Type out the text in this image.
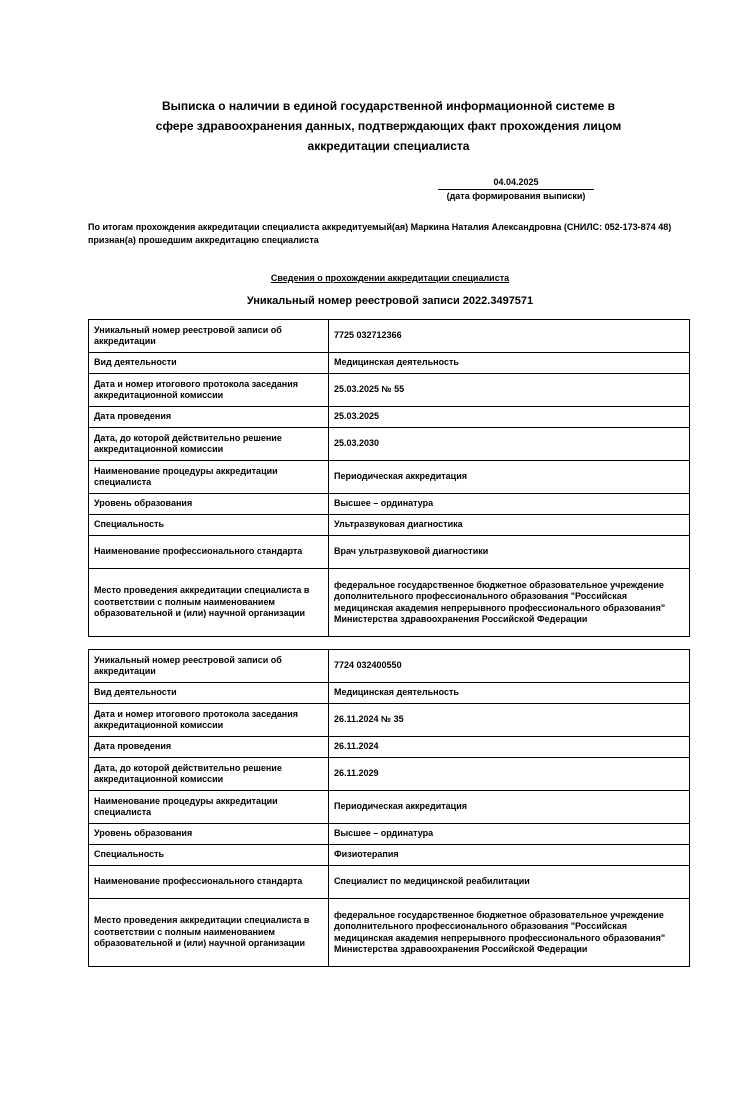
Выписка о наличии в единой государственной информационной системе в сфере здравоохранения данных, подтверждающих факт прохождения лицом аккредитации специалиста
04.04.2025
(дата формирования выписки)
По итогам прохождения аккредитации специалиста аккредитуемый(ая) Маркина Наталия Александровна (СНИЛС: 052-173-874 48) признан(а) прошедшим аккредитацию специалиста
Сведения о прохождении аккредитации специалиста
Уникальный номер реестровой записи 2022.3497571
Уникальный номер реестровой записи об аккредитации	7725 032712366
Вид деятельности	Медицинская деятельность
Дата и номер итогового протокола заседания аккредитационной комиссии	25.03.2025 № 55
Дата проведения	25.03.2025
Дата, до которой действительно решение аккредитационной комиссии	25.03.2030
Наименование процедуры аккредитации специалиста	Периодическая аккредитация
Уровень образования	Высшее – ординатура
Специальность	Ультразвуковая диагностика
Наименование профессионального стандарта	Врач ультразвуковой диагностики
Место проведения аккредитации специалиста в соответствии с полным наименованием образовательной и (или) научной организации	федеральное государственное бюджетное образовательное учреждение дополнительного профессионального образования "Российская медицинская академия непрерывного профессионального образования" Министерства здравоохранения Российской Федерации
Уникальный номер реестровой записи об аккредитации	7724 032400550
Вид деятельности	Медицинская деятельность
Дата и номер итогового протокола заседания аккредитационной комиссии	26.11.2024 № 35
Дата проведения	26.11.2024
Дата, до которой действительно решение аккредитационной комиссии	26.11.2029
Наименование процедуры аккредитации специалиста	Периодическая аккредитация
Уровень образования	Высшее – ординатура
Специальность	Физиотерапия
Наименование профессионального стандарта	Специалист по медицинской реабилитации
Место проведения аккредитации специалиста в соответствии с полным наименованием образовательной и (или) научной организации	федеральное государственное бюджетное образовательное учреждение дополнительного профессионального образования "Российская медицинская академия непрерывного профессионального образования" Министерства здравоохранения Российской Федерации
